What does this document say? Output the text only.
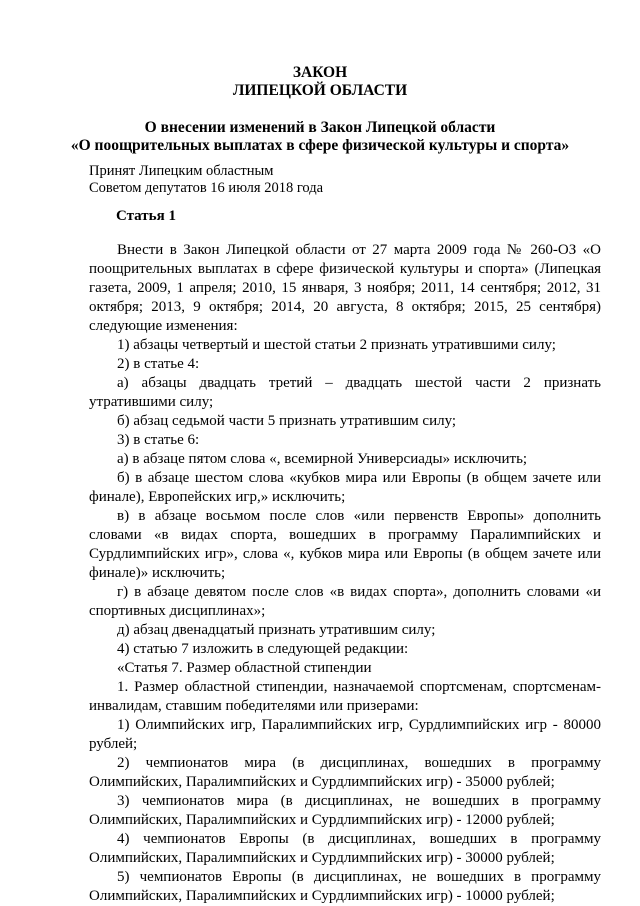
ЗАКОН
ЛИПЕЦКОЙ ОБЛАСТИ
О внесении изменений в Закон Липецкой области
«О поощрительных выплатах в сфере физической культуры и спорта»
Принят Липецким областным
Советом депутатов 16 июля 2018 года
Статья 1

Внести в Закон Липецкой области от 27 марта 2009 года № 260-ОЗ «О поощрительных выплатах в сфере физической культуры и спорта» (Липецкая газета, 2009, 1 апреля; 2010, 15 января, 3 ноября; 2011, 14 сентября; 2012, 31 октября; 2013, 9 октября; 2014, 20 августа, 8 октября; 2015, 25 сентября) следующие изменения:

1) абзацы четвертый и шестой статьи 2 признать утратившими силу;

2) в статье 4:

а) абзацы двадцать третий – двадцать шестой части 2 признать утратившими силу;

б) абзац седьмой части 5 признать утратившим силу;

3) в статье 6:

а) в абзаце пятом слова «, всемирной Универсиады» исключить;

б) в абзаце шестом слова «кубков мира или Европы (в общем зачете или финале), Европейских игр,» исключить;

в) в абзаце восьмом после слов «или первенств Европы» дополнить словами «в видах спорта, вошедших в программу Паралимпийских и Сурдлимпийских игр», слова «, кубков мира или Европы (в общем зачете или финале)» исключить;

г) в абзаце девятом после слов «в видах спорта», дополнить словами «и спортивных дисциплинах»;

д) абзац двенадцатый признать утратившим силу;

4) статью 7 изложить в следующей редакции:

«Статья 7. Размер областной стипендии

1. Размер областной стипендии, назначаемой спортсменам, спортсменам-инвалидам, ставшим победителями или призерами:

1) Олимпийских игр, Паралимпийских игр, Сурдлимпийских игр - 80000 рублей;

2) чемпионатов мира (в дисциплинах, вошедших в программу Олимпийских, Паралимпийских и Сурдлимпийских игр) - 35000 рублей;

3) чемпионатов мира (в дисциплинах, не вошедших в программу Олимпийских, Паралимпийских и Сурдлимпийских игр) - 12000 рублей;

4) чемпионатов Европы (в дисциплинах, вошедших в программу Олимпийских, Паралимпийских и Сурдлимпийских игр) - 30000 рублей;

5) чемпионатов Европы (в дисциплинах, не вошедших в программу Олимпийских, Паралимпийских и Сурдлимпийских игр) - 10000 рублей;
